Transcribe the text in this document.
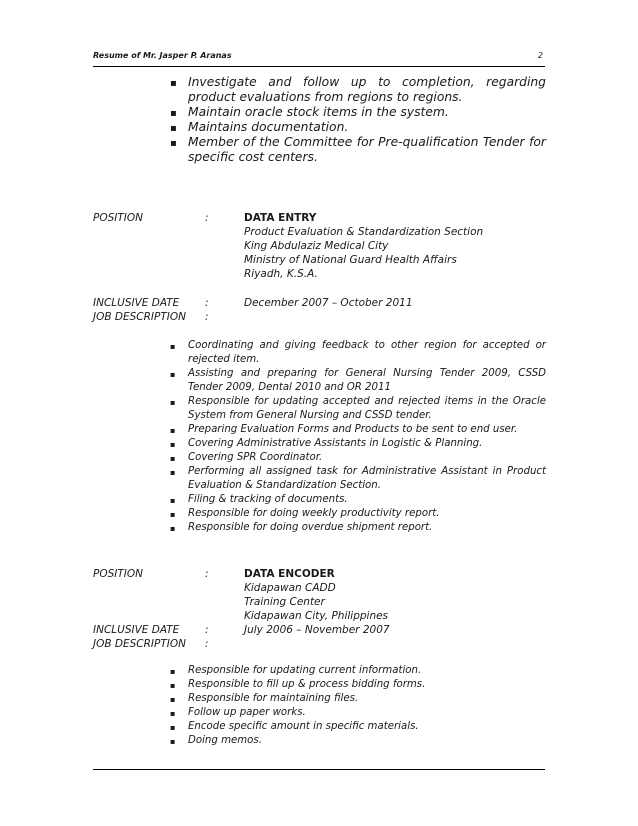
Resume of Mr. Jasper P. Aranas	2
▪ Investigate and follow up to completion, regarding product evaluations from regions to regions.
▪ Maintain oracle stock items in the system.
▪ Maintains documentation.
▪ Member of the Committee for Pre-qualification Tender for specific cost centers.
POSITION	:	DATA ENTRY
Product Evaluation & Standardization Section
King Abdulaziz Medical City
Ministry of National Guard Health Affairs
Riyadh, K.S.A.
INCLUSIVE DATE :	December 2007 – October 2011
JOB DESCRIPTION :
▪ Coordinating and giving feedback to other region for accepted or rejected item.
▪ Assisting and preparing for General Nursing Tender 2009, CSSD Tender 2009, Dental 2010 and OR 2011
▪ Responsible for updating accepted and rejected items in the Oracle System from General Nursing and CSSD tender.
▪ Preparing Evaluation Forms and Products to be sent to end user.
▪ Covering Administrative Assistants in Logistic & Planning.
▪ Covering SPR Coordinator.
▪ Performing all assigned task for Administrative Assistant in Product Evaluation & Standardization Section.
▪ Filing & tracking of documents.
▪ Responsible for doing weekly productivity report.
▪ Responsible for doing overdue shipment report.
POSITION	:	DATA ENCODER
Kidapawan CADD
Training Center
Kidapawan City, Philippines
INCLUSIVE DATE :	July 2006 – November 2007
JOB DESCRIPTION :
▪ Responsible for updating current information.
▪ Responsible to fill up & process bidding forms.
▪ Responsible for maintaining files.
▪ Follow up paper works.
▪ Encode specific amount in specific materials.
▪ Doing memos.
